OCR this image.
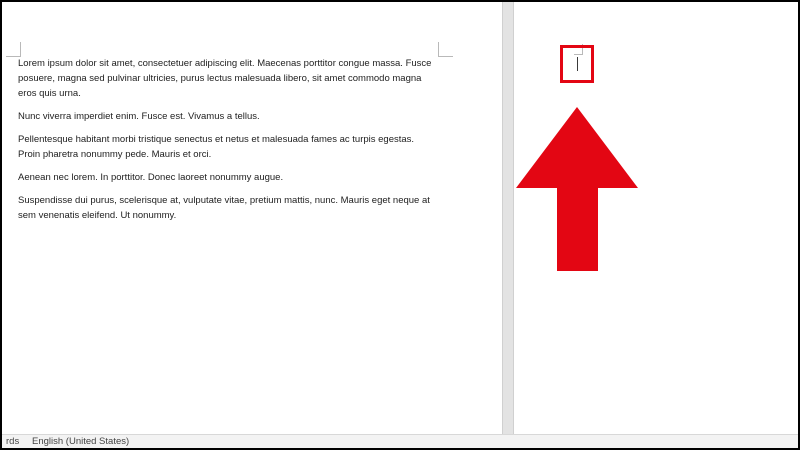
Lorem ipsum dolor sit amet, consectetuer adipiscing elit. Maecenas porttitor congue massa. Fusce posuere, magna sed pulvinar ultricies, purus lectus malesuada libero, sit amet commodo magna eros quis urna.

Nunc viverra imperdiet enim. Fusce est. Vivamus a tellus.

Pellentesque habitant morbi tristique senectus et netus et malesuada fames ac turpis egestas. Proin pharetra nonummy pede. Mauris et orci.

Aenean nec lorem. In porttitor. Donec laoreet nonummy augue.

Suspendisse dui purus, scelerisque at, vulputate vitae, pretium mattis, nunc. Mauris eget neque at sem venenatis eleifend. Ut nonummy.

rds English (United States)
